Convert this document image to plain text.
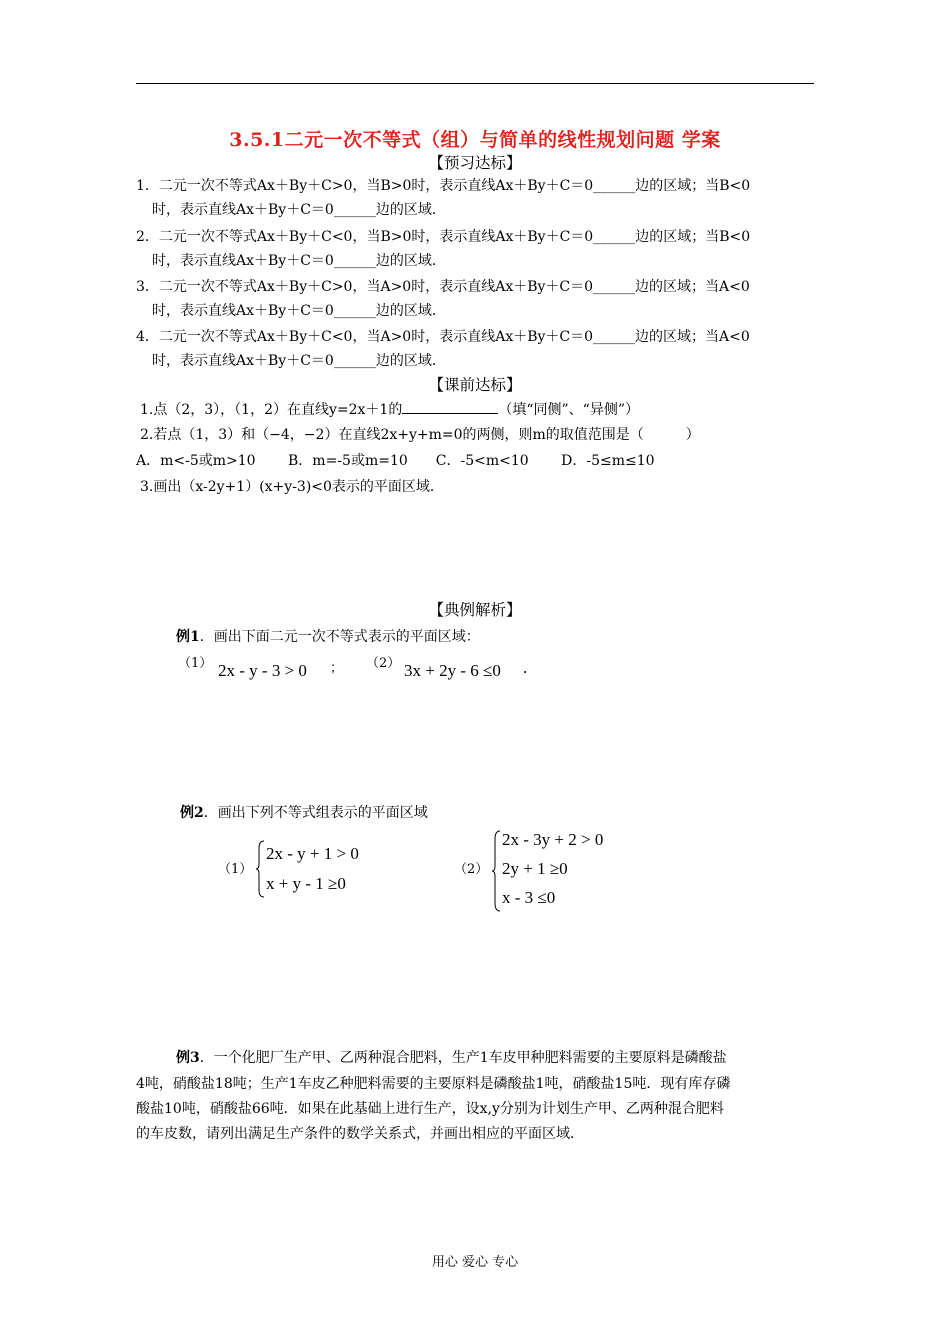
3.5.1二元一次不等式（组）与简单的线性规划问题 学案
【预习达标】
1．二元一次不等式Ax＋By＋C>0，当B>0时，表示直线Ax＋By＋C＝0______边的区域；当B<0
时，表示直线Ax＋By＋C＝0______边的区域．
2．二元一次不等式Ax＋By＋C<0，当B>0时，表示直线Ax＋By＋C＝0______边的区域；当B<0
时，表示直线Ax＋By＋C＝0______边的区域．
3．二元一次不等式Ax＋By＋C>0，当A>0时，表示直线Ax＋By＋C＝0______边的区域；当A<0
时，表示直线Ax＋By＋C＝0______边的区域．
4．二元一次不等式Ax＋By＋C<0，当A>0时，表示直线Ax＋By＋C＝0______边的区域；当A<0
时，表示直线Ax＋By＋C＝0______边的区域．
【课前达标】
1.点（2，3），（1，2）在直线y=2x＋1的	（填“同侧”、“异侧”）
2.若点（1，3）和（−4，−2）在直线2x+y+m=0的两侧，则m的取值范围是（　　　）
A．m<-5或m>10　　 B．m=-5或m=10　　C．-5<m<10　　 D．-5≤m≤10
3.画出（x-2y+1）(x+y-3)<0表示的平面区域．
【典例解析】
例1．画出下面二元一次不等式表示的平面区域：
（1） 2x - y - 3 > 0 ； （2） 3x + 2y - 6 ≤0 .
例2．画出下列不等式组表示的平面区域
（1）
2x - y + 1 > 0
x + y - 1 ≥0
（2）
2x - 3y + 2 > 0
2y + 1 ≥0
x - 3 ≤0
例3．一个化肥厂生产甲、乙两种混合肥料，生产1车皮甲种肥料需要的主要原料是磷酸盐
4吨，硝酸盐18吨；生产1车皮乙种肥料需要的主要原料是磷酸盐1吨，硝酸盐15吨．现有库存磷
酸盐10吨，硝酸盐66吨．如果在此基础上进行生产，设x,y分别为计划生产甲、乙两种混合肥料
的车皮数，请列出满足生产条件的数学关系式，并画出相应的平面区域．
用心 爱心 专心
